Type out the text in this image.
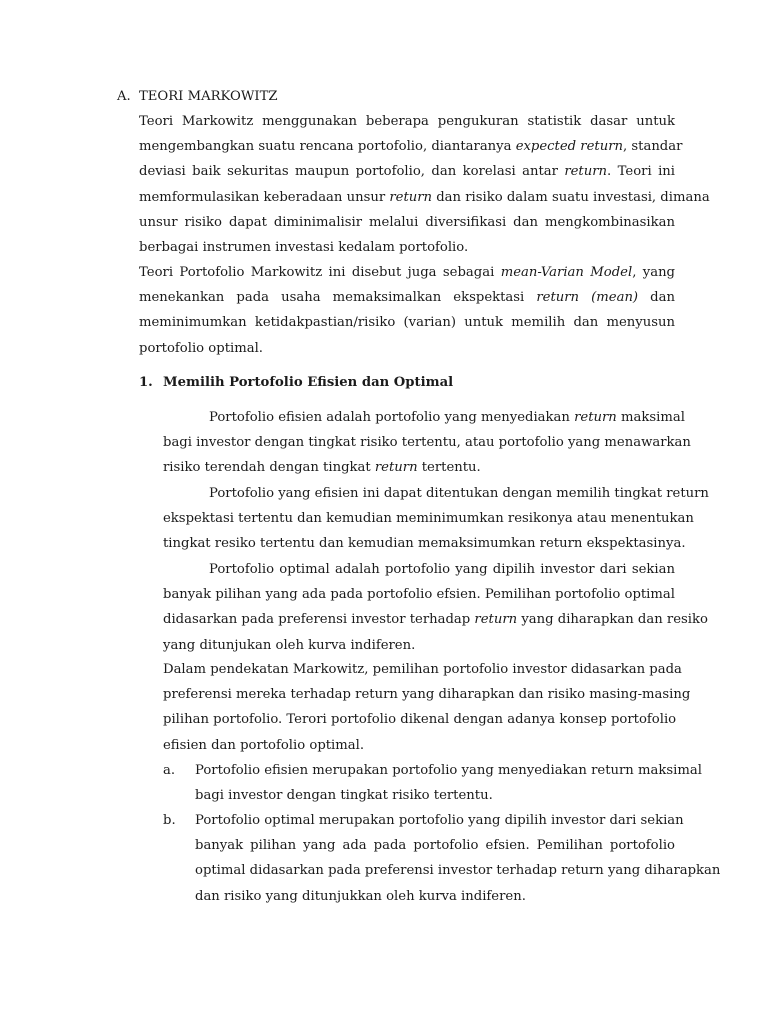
A. TEORI MARKOWITZ
Teori Markowitz menggunakan beberapa pengukuran statistik dasar untuk
mengembangkan suatu rencana portofolio, diantaranya expected return, standar
deviasi baik sekuritas maupun portofolio, dan korelasi antar return. Teori ini
memformulasikan keberadaan unsur return dan risiko dalam suatu investasi, dimana
unsur risiko dapat diminimalisir melalui diversifikasi dan mengkombinasikan
berbagai instrumen investasi kedalam portofolio.
Teori Portofolio Markowitz ini disebut juga sebagai mean-Varian Model, yang
menekankan pada usaha memaksimalkan ekspektasi return (mean) dan
meminimumkan ketidakpastian/risiko (varian) untuk memilih dan menyusun
portofolio optimal.
1. Memilih Portofolio Efisien dan Optimal
Portofolio efisien adalah portofolio yang menyediakan return maksimal
bagi investor dengan tingkat risiko tertentu, atau portofolio yang menawarkan
risiko terendah dengan tingkat return tertentu.
Portofolio yang efisien ini dapat ditentukan dengan memilih tingkat return
ekspektasi tertentu dan kemudian meminimumkan resikonya atau menentukan
tingkat resiko tertentu dan kemudian memaksimumkan return ekspektasinya.
Portofolio optimal adalah portofolio yang dipilih investor dari sekian
banyak pilihan yang ada pada portofolio efsien. Pemilihan portofolio optimal
didasarkan pada preferensi investor terhadap return yang diharapkan dan resiko
yang ditunjukan oleh kurva indiferen.
Dalam pendekatan Markowitz, pemilihan portofolio investor didasarkan pada
preferensi mereka terhadap return yang diharapkan dan risiko masing-masing
pilihan portofolio. Terori portofolio dikenal dengan adanya konsep portofolio
efisien dan portofolio optimal.
a. Portofolio efisien merupakan portofolio yang menyediakan return maksimal
bagi investor dengan tingkat risiko tertentu.
b. Portofolio optimal merupakan portofolio yang dipilih investor dari sekian
banyak pilihan yang ada pada portofolio efsien. Pemilihan portofolio
optimal didasarkan pada preferensi investor terhadap return yang diharapkan
dan risiko yang ditunjukkan oleh kurva indiferen.
